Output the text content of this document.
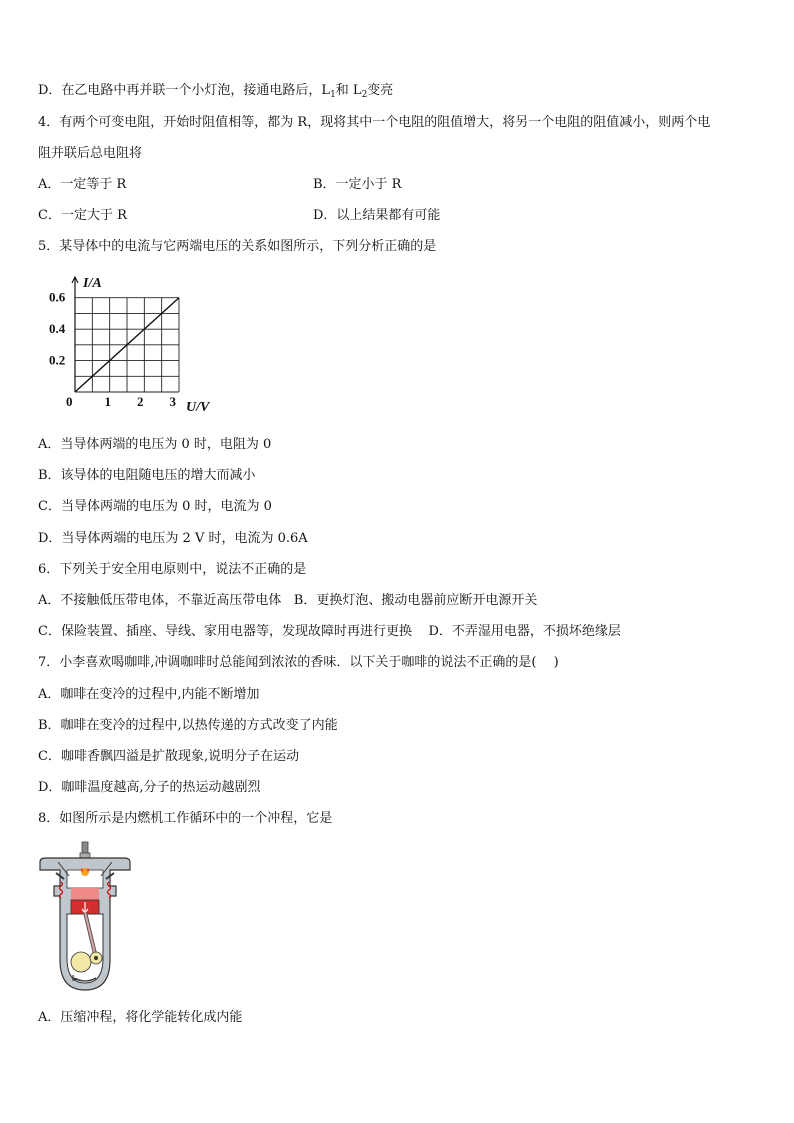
D．在乙电路中再并联一个小灯泡，接通电路后，$L_1$和 $L_2$变亮
4．有两个可变电阻，开始时阻值相等，都为 R，现将其中一个电阻的阻值增大，将另一个电阻的阻值减小，则两个电
阻并联后总电阻将
A．一定等于 R	B．一定小于 R
C．一定大于 R	D．以上结果都有可能
5．某导体中的电流与它两端电压的关系如图所示，下列分析正确的是
0 1 2 3
0.2
0.4
0.6
I/A
U/V
A．当导体两端的电压为 0 时，电阻为 0
B．该导体的电阻随电压的增大而减小
C．当导体两端的电压为 0 时，电流为 0
D．当导体两端的电压为 2 V 时，电流为 0.6A
6．下列关于安全用电原则中，说法不正确的是
A．不接触低压带电体，不靠近高压带电体 B．更换灯泡、搬动电器前应断开电源开关
C．保险装置、插座、导线、家用电器等，发现故障时再进行更换 D．不弄湿用电器，不损坏绝缘层
7．小李喜欢喝咖啡,冲调咖啡时总能闻到浓浓的香味．以下关于咖啡的说法不正确的是(　 )
A．咖啡在变冷的过程中,内能不断增加
B．咖啡在变冷的过程中,以热传递的方式改变了内能
C．咖啡香飘四溢是扩散现象,说明分子在运动
D．咖啡温度越高,分子的热运动越剧烈
8．如图所示是内燃机工作循环中的一个冲程，它是
A．压缩冲程，将化学能转化成内能
